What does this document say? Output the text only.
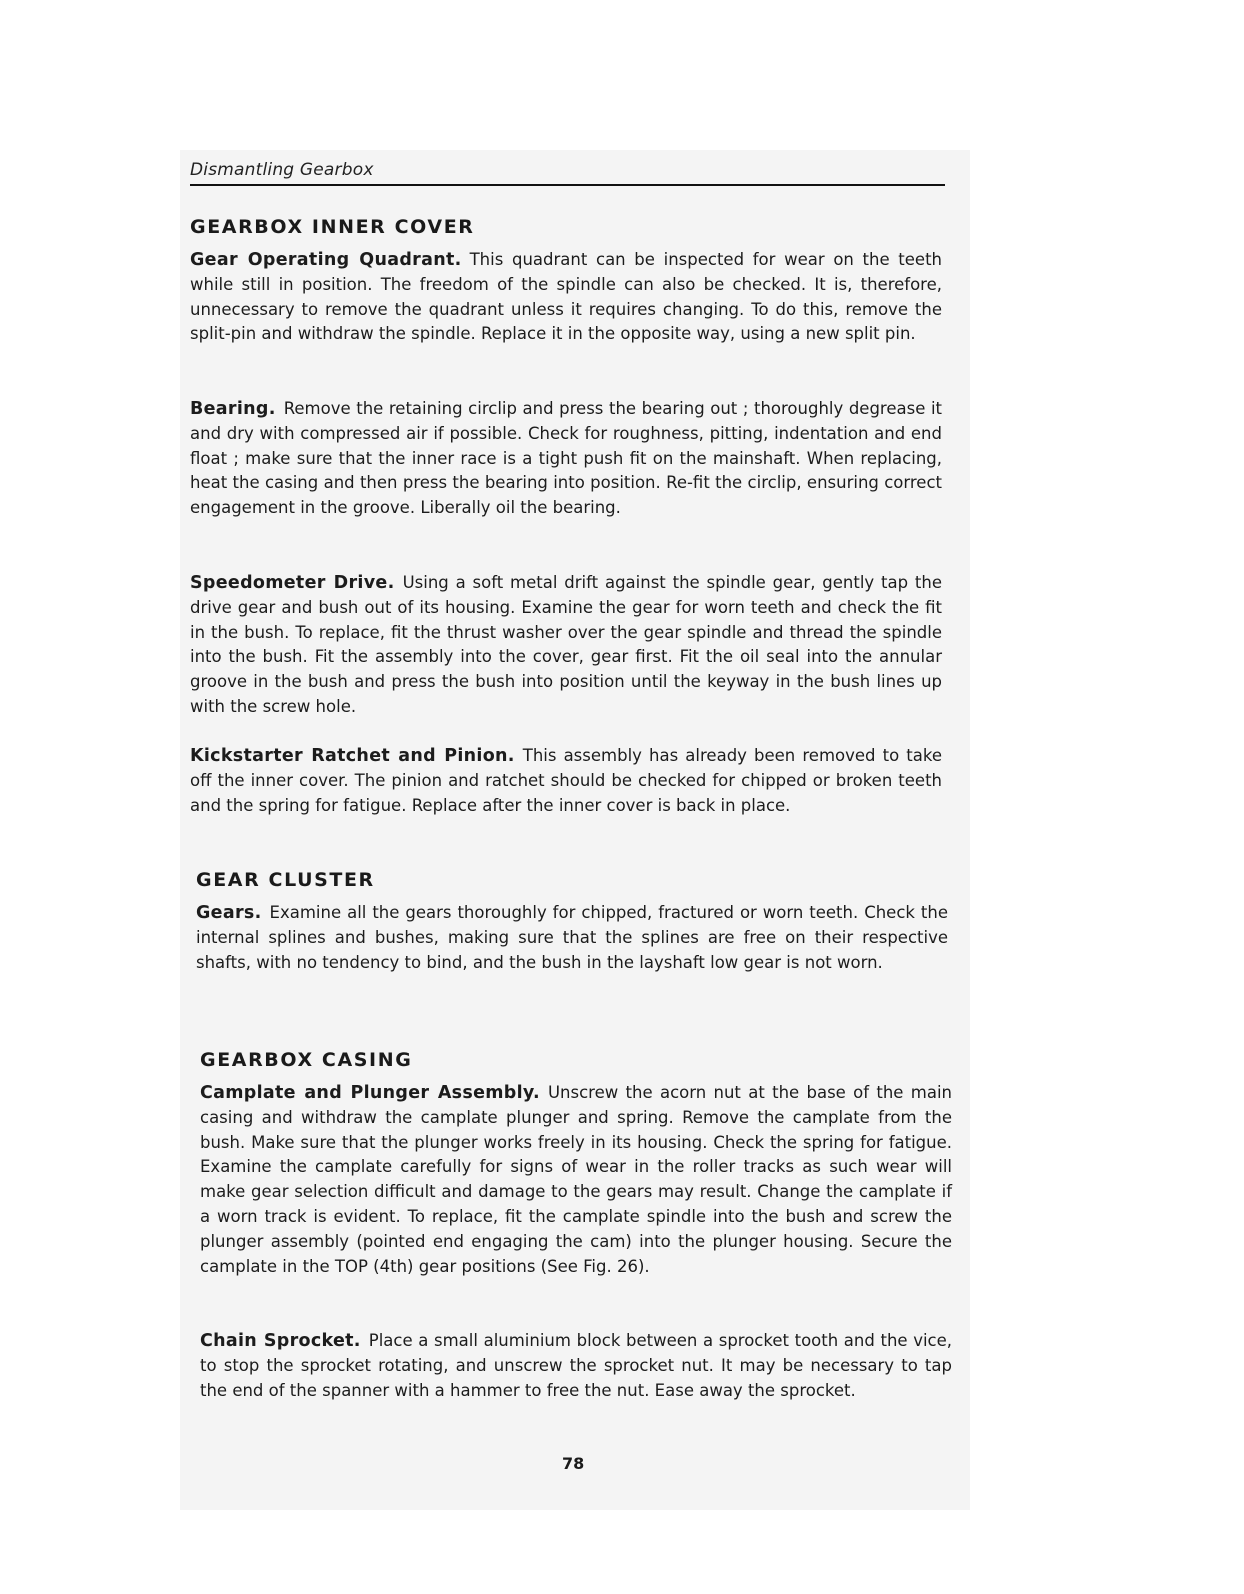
Dismantling Gearbox
GEARBOX INNER COVER

Gear Operating Quadrant. This quadrant can be inspected for wear on the teeth while still in position. The freedom of the spindle can also be checked. It is, therefore, unnecessary to remove the quadrant unless it requires changing. To do this, remove the split-pin and withdraw the spindle. Replace it in the opposite way, using a new split pin.

Bearing. Remove the retaining circlip and press the bearing out ; thoroughly degrease it and dry with compressed air if possible. Check for roughness, pitting, indentation and end float ; make sure that the inner race is a tight push fit on the mainshaft. When replacing, heat the casing and then press the bearing into position. Re-fit the circlip, ensuring correct engagement in the groove. Liberally oil the bearing.

Speedometer Drive. Using a soft metal drift against the spindle gear, gently tap the drive gear and bush out of its housing. Examine the gear for worn teeth and check the fit in the bush. To replace, fit the thrust washer over the gear spindle and thread the spindle into the bush. Fit the assembly into the cover, gear first. Fit the oil seal into the annular groove in the bush and press the bush into position until the keyway in the bush lines up with the screw hole.

Kickstarter Ratchet and Pinion. This assembly has already been removed to take off the inner cover. The pinion and ratchet should be checked for chipped or broken teeth and the spring for fatigue. Replace after the inner cover is back in place.

GEAR CLUSTER

Gears. Examine all the gears thoroughly for chipped, fractured or worn teeth. Check the internal splines and bushes, making sure that the splines are free on their respective shafts, with no tendency to bind, and the bush in the layshaft low gear is not worn.

GEARBOX CASING

Camplate and Plunger Assembly. Unscrew the acorn nut at the base of the main casing and withdraw the camplate plunger and spring. Remove the camplate from the bush. Make sure that the plunger works freely in its housing. Check the spring for fatigue. Examine the camplate carefully for signs of wear in the roller tracks as such wear will make gear selection difficult and damage to the gears may result. Change the camplate if a worn track is evident. To replace, fit the camplate spindle into the bush and screw the plunger assembly (pointed end engaging the cam) into the plunger housing. Secure the camplate in the TOP (4th) gear positions (See Fig. 26).

Chain Sprocket. Place a small aluminium block between a sprocket tooth and the vice, to stop the sprocket rotating, and unscrew the sprocket nut. It may be necessary to tap the end of the spanner with a hammer to free the nut. Ease away the sprocket.

78
